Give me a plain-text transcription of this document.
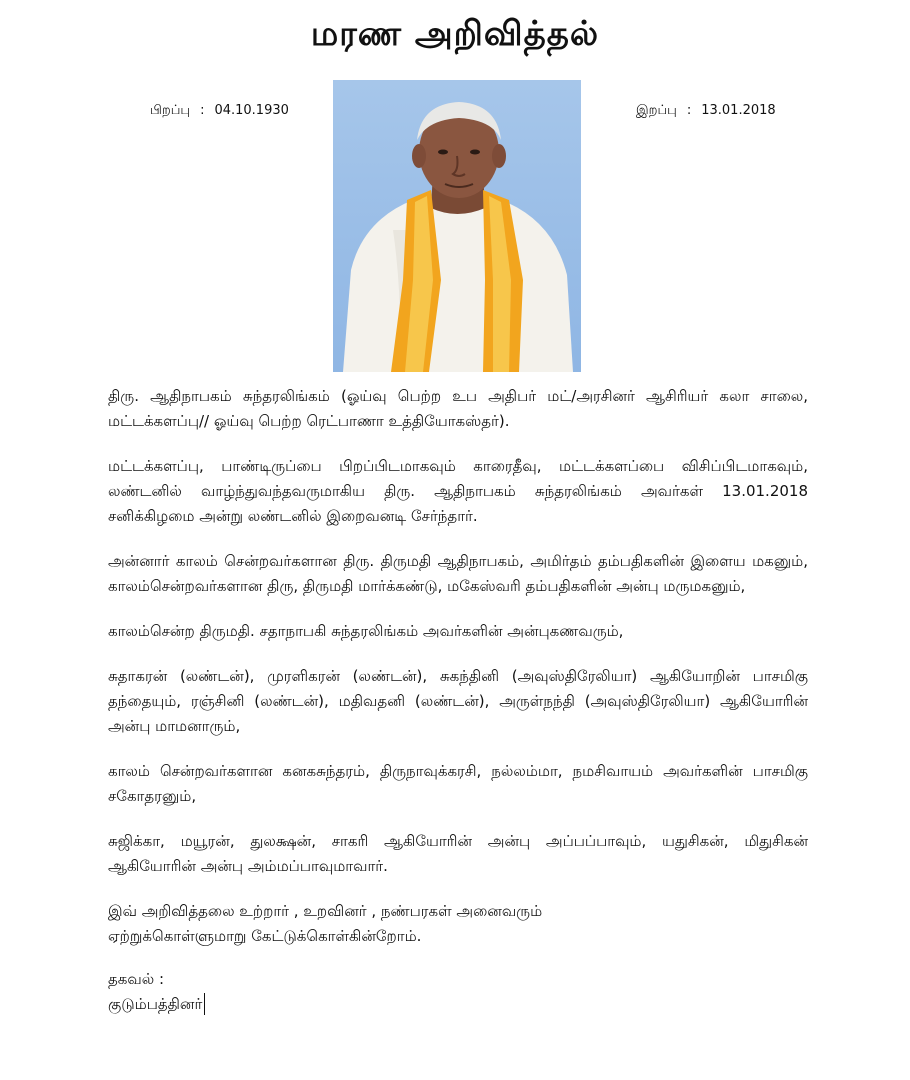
மரண அறிவித்தல்
பிறப்பு : 04.10.1930	இறப்பு : 13.01.2018

திரு. ஆதிநாபகம் சுந்தரலிங்கம் (ஓய்வு பெற்ற உப அதிபர் மட்/அரசினர் ஆசிரியர் கலா சாலை, மட்டக்களப்பு// ஓய்வு பெற்ற ரெட்பாணா உத்தியோகஸ்தர்).

மட்டக்களப்பு, பாண்டிருப்பை பிறப்பிடமாகவும் காரைதீவு, மட்டக்களப்பை விசிப்பிடமாகவும், லண்டனில் வாழ்ந்துவந்தவருமாகிய திரு. ஆதிநாபகம் சுந்தரலிங்கம் அவர்கள் 13.01.2018 சனிக்கிழமை அன்று லண்டனில் இறைவனடி சேர்ந்தார்.

அன்னார் காலம் சென்றவர்களான திரு. திருமதி ஆதிநாபகம், அமிர்தம் தம்பதிகளின் இளைய மகனும், காலம்சென்றவர்களான திரு, திருமதி மார்க்கண்டு, மகேஸ்வரி தம்பதிகளின் அன்பு மருமகனும்,

காலம்சென்ற திருமதி. சதாநாபகி சுந்தரலிங்கம் அவர்களின் அன்புகணவரும்,

சுதாகரன் (லண்டன்), முரளிகரன் (லண்டன்), சுகந்தினி (அவுஸ்திரேலியா) ஆகியோறின் பாசமிகு தந்தையும், ரஞ்சினி (லண்டன்), மதிவதனி (லண்டன்), அருள்நந்தி (அவுஸ்திரேலியா) ஆகியோரின் அன்பு மாமனாரும்,

காலம் சென்றவர்களான கனகசுந்தரம், திருநாவுக்கரசி, நல்லம்மா, நமசிவாயம் அவர்களின் பாசமிகு சகோதரனும்,

சுஜிக்கா, மயூரன், துலக்ஷன், சாகரி ஆகியோரின் அன்பு அப்பப்பாவும், யதுசிகன், மிதுசிகன் ஆகியோரின் அன்பு அம்மப்பாவுமாவார்.

இவ் அறிவித்தலை உற்றார் , உறவினர் , நண்பரகள் அனைவரும்
ஏற்றுக்கொள்ளுமாறு கேட்டுக்கொள்கின்றோம்.

தகவல் :
குடும்பத்தினர்
